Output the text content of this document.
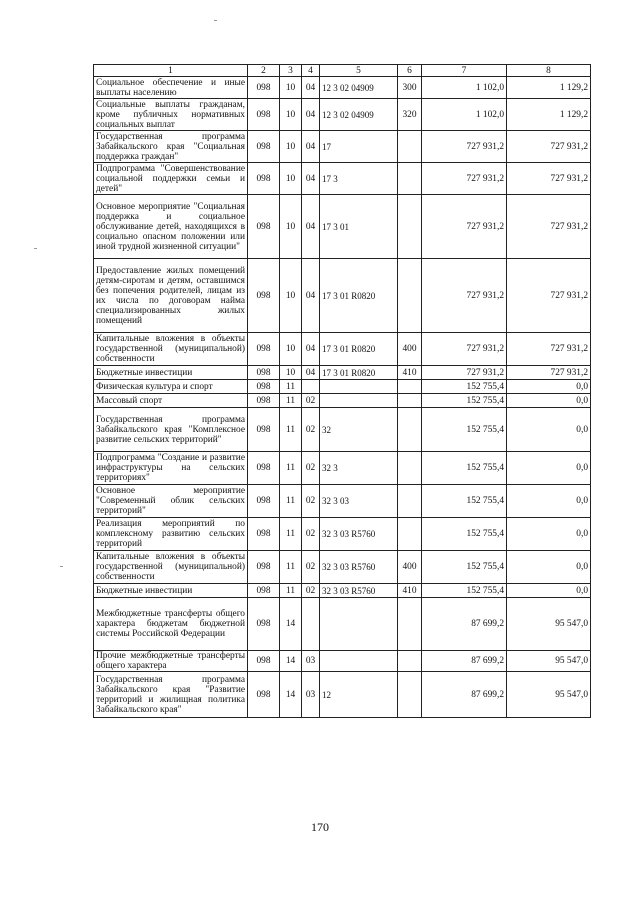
1	2	3	4	5	6	7	8
Социальное обеспечение и иные выплаты населению	098	10	04	12 3 02 04909	300	1 102,0	1 129,2
Социальные выплаты гражданам, кроме публичных нормативных социальных выплат	098	10	04	12 3 02 04909	320	1 102,0	1 129,2
Государственная программа Забайкальского края "Социальная поддержка граждан"	098	10	04	17		727 931,2	727 931,2
Подпрограмма "Совершенствование социальной поддержки семьи и детей"	098	10	04	17 3		727 931,2	727 931,2
Основное мероприятие "Социальная поддержка и социальное обслуживание детей, находящихся в социально опасном положении или иной трудной жизненной ситуации"	098	10	04	17 3 01		727 931,2	727 931,2
Предоставление жилых помещений детям-сиротам и детям, оставшимся без попечения родителей, лицам из их числа по договорам найма специализированных жилых помещений	098	10	04	17 3 01 R0820		727 931,2	727 931,2
Капитальные вложения в объекты государственной (муниципальной) собственности	098	10	04	17 3 01 R0820	400	727 931,2	727 931,2
Бюджетные инвестиции	098	10	04	17 3 01 R0820	410	727 931,2	727 931,2
Физическая культура и спорт	098	11				152 755,4	0,0
Массовый спорт	098	11	02			152 755,4	0,0
Государственная программа Забайкальского края "Комплексное развитие сельских территорий"	098	11	02	32		152 755,4	0,0
Подпрограмма "Создание и развитие инфраструктуры на сельских территориях"	098	11	02	32 3		152 755,4	0,0
Основное мероприятие "Современный облик сельских территорий"	098	11	02	32 3 03		152 755,4	0,0
Реализация мероприятий по комплексному развитию сельских территорий	098	11	02	32 3 03 R5760		152 755,4	0,0
Капитальные вложения в объекты государственной (муниципальной) собственности	098	11	02	32 3 03 R5760	400	152 755,4	0,0
Бюджетные инвестиции	098	11	02	32 3 03 R5760	410	152 755,4	0,0
Межбюджетные трансферты общего характера бюджетам бюджетной системы Российской Федерации	098	14				87 699,2	95 547,0
Прочие межбюджетные трансферты общего характера	098	14	03			87 699,2	95 547,0
Государственная программа Забайкальского края "Развитие территорий и жилищная политика Забайкальского края"	098	14	03	12		87 699,2	95 547,0
170
